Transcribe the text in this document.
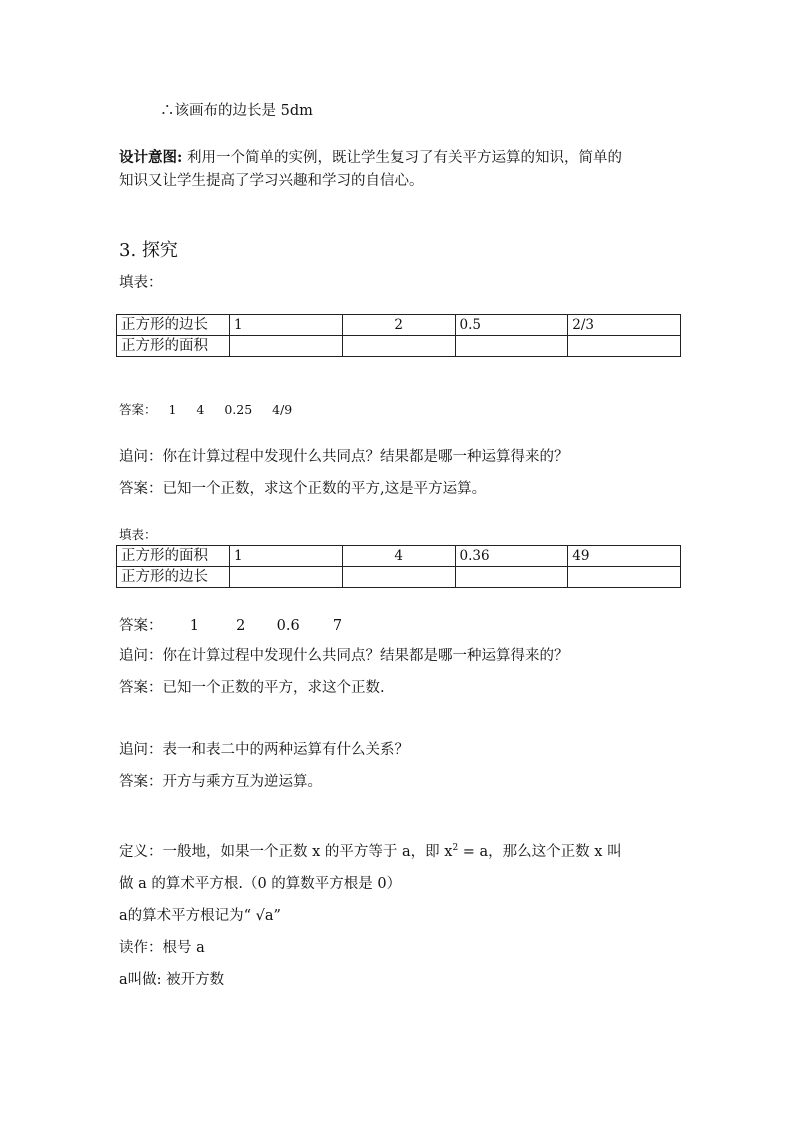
∴该画布的边长是 5dm
设计意图: 利用一个简单的实例，既让学生复习了有关平方运算的知识，简单的
知识又让学生提高了学习兴趣和学习的自信心。
3. 探究
填表：
正方形的边长	1	2	0.5	2/3
正方形的面积				
答案： 1 4 0.25 4/9
追问：你在计算过程中发现什么共同点？结果都是哪一种运算得来的？
答案：已知一个正数，求这个正数的平方,这是平方运算。
填表：
正方形的面积	1	4	0.36	49
正方形的边长				
答案： 1	2 0.6 7
追问：你在计算过程中发现什么共同点？结果都是哪一种运算得来的？
答案：已知一个正数的平方，求这个正数.
追问：表一和表二中的两种运算有什么关系？
答案：开方与乘方互为逆运算。
定义：一般地，如果一个正数 x 的平方等于 a，即 $x^2 = a$，那么这个正数 x 叫
做 a 的算术平方根.（0 的算数平方根是 0）
a的算术平方根记为“ √a”
读作：根号 a
a叫做: 被开方数
